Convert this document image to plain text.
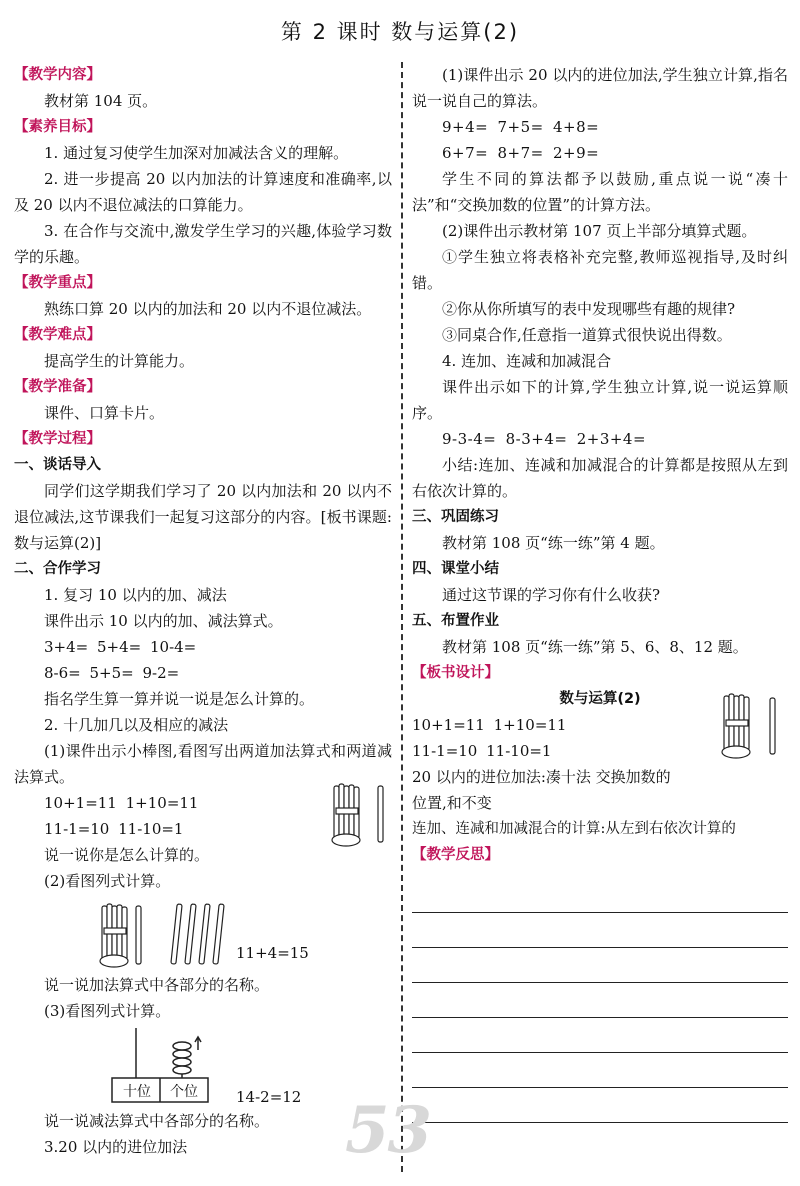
第 2 课时 数与运算(2)
【教学内容】
教材第 104 页。
【素养目标】
1. 通过复习使学生加深对加减法含义的理解。
2. 进一步提高 20 以内加法的计算速度和准确率,以及 20 以内不退位减法的口算能力。
3. 在合作与交流中,激发学生学习的兴趣,体验学习数学的乐趣。
【教学重点】
熟练口算 20 以内的加法和 20 以内不退位减法。
【教学难点】
提高学生的计算能力。
【教学准备】
课件、口算卡片。
【教学过程】
一、谈话导入
同学们这学期我们学习了 20 以内加法和 20 以内不退位减法,这节课我们一起复习这部分的内容。[板书课题:数与运算(2)]
二、合作学习
1. 复习 10 以内的加、减法
课件出示 10 以内的加、减法算式。
3+4= 5+4= 10-4=
8-6= 5+5= 9-2=
指名学生算一算并说一说是怎么计算的。
2. 十几加几以及相应的减法
(1)课件出示小棒图,看图写出两道加法算式和两道减法算式。
10+1=11 1+10=11
11-1=10 11-10=1
说一说你是怎么计算的。
(2)看图列式计算。
11+4=15
说一说加法算式中各部分的名称。
(3)看图列式计算。
十位 个位	14-2=12
说一说减法算式中各部分的名称。
3.20 以内的进位加法
(1)课件出示 20 以内的进位加法,学生独立计算,指名说一说自己的算法。
9+4= 7+5= 4+8=
6+7= 8+7= 2+9=
学生不同的算法都予以鼓励,重点说一说“凑十法”和“交换加数的位置”的计算方法。
(2)课件出示教材第 107 页上半部分填算式题。
①学生独立将表格补充完整,教师巡视指导,及时纠错。
②你从你所填写的表中发现哪些有趣的规律?
③同桌合作,任意指一道算式很快说出得数。
4. 连加、连减和加减混合
课件出示如下的计算,学生独立计算,说一说运算顺序。
9-3-4= 8-3+4= 2+3+4=
小结:连加、连减和加减混合的计算都是按照从左到右依次计算的。
三、巩固练习
教材第 108 页“练一练”第 4 题。
四、课堂小结
通过这节课的学习你有什么收获?
五、布置作业
教材第 108 页“练一练”第 5、6、8、12 题。
【板书设计】
数与运算(2)
10+1=11 1+10=11
11-1=10 11-10=1
20 以内的进位加法:凑十法 交换加数的
位置,和不变
连加、连减和加减混合的计算:从左到右依次计算的
【教学反思】
53
